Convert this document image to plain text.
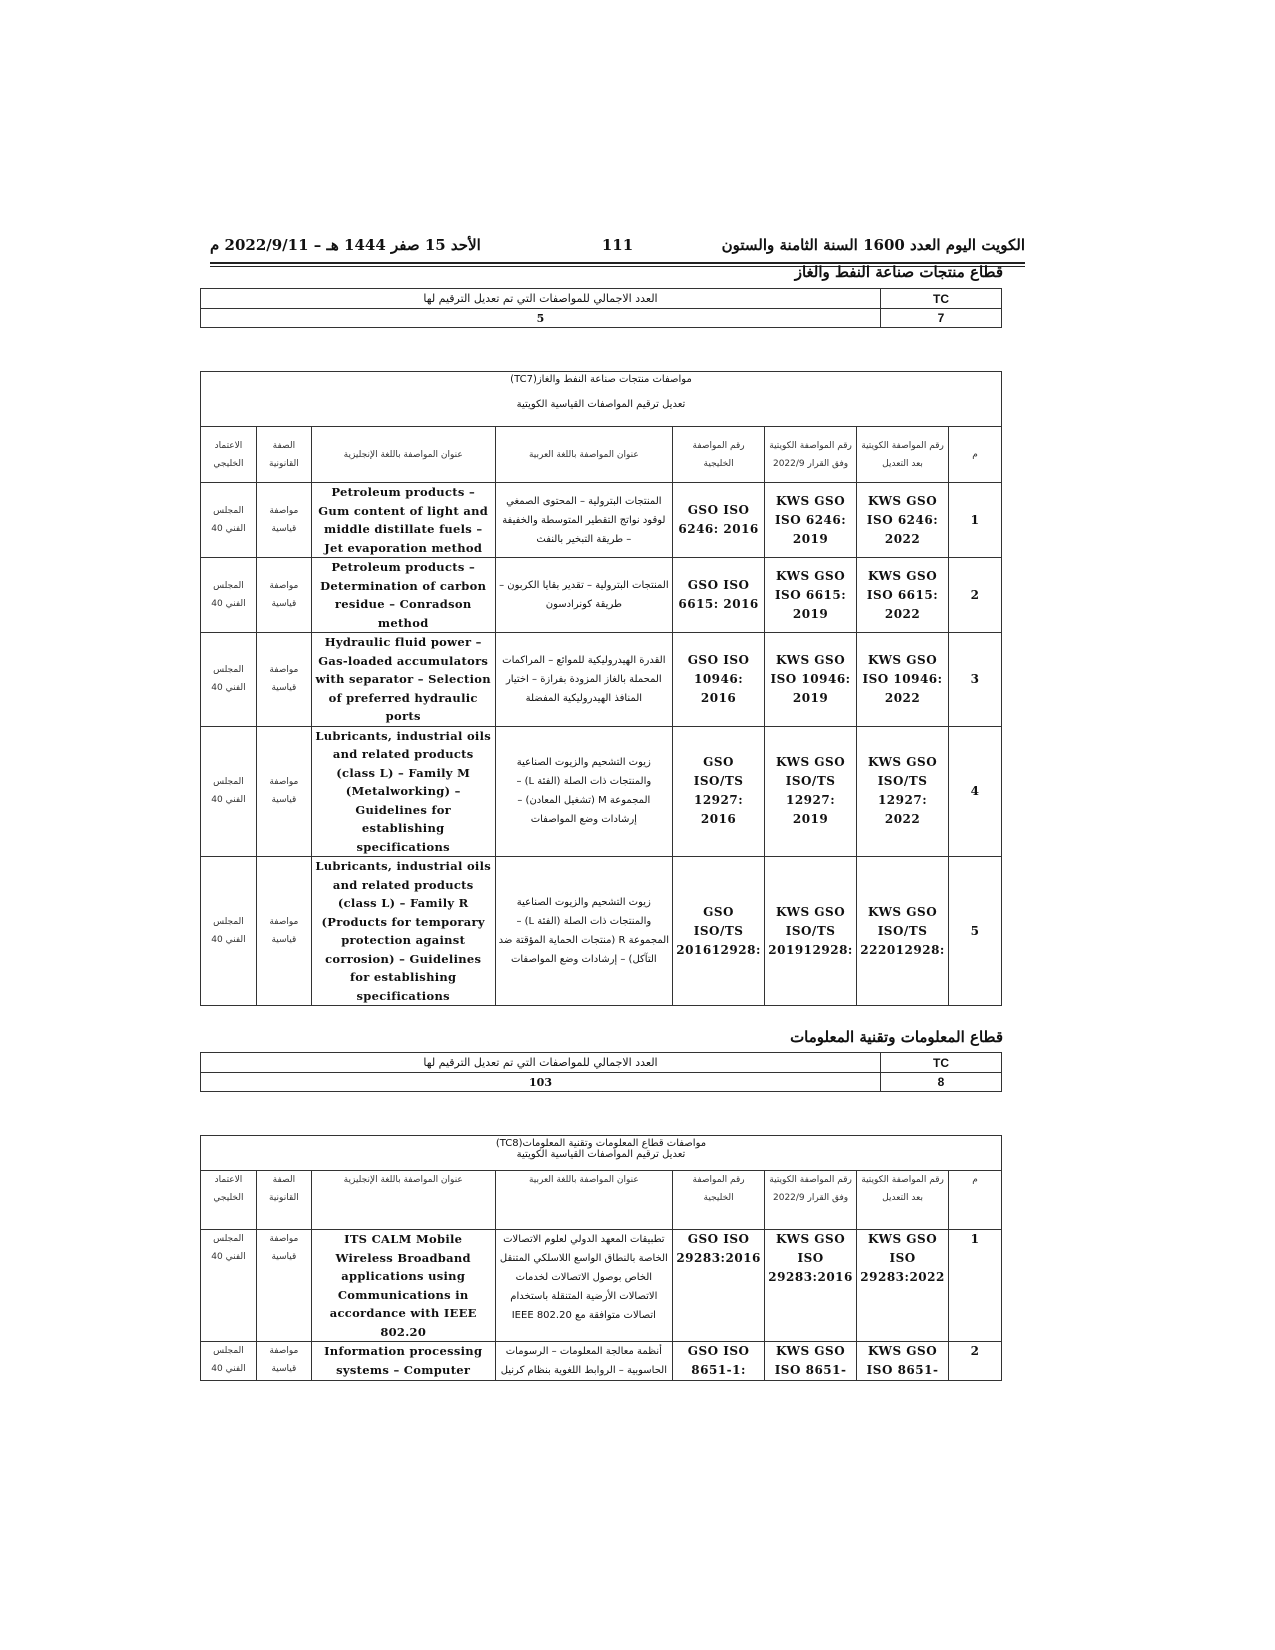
الكويت اليوم العدد 1600 السنة الثامنة والستون
111
الأحد 15 صفر 1444 هـ – 2022/9/11 م
قطاع منتجات صناعة النفط والغاز
العدد الاجمالي للمواصفات التي تم تعديل الترقيم لها	TC
5	7
مواصفات منتجات صناعة النفط والغاز(TC7)
تعديل ترقيم المواصفات القياسية الكويتية							

الاعتماد الخليجي	الصفة القانونية	عنوان المواصفة باللغة الإنجليزية	عنوان المواصفة باللغة العربية	رقم المواصفة الخليجية	رقم المواصفة الكويتية وفق القرار 2022/9	رقم المواصفة الكويتية بعد التعديل	م
المجلس الفني 40	مواصفة قياسية	Petroleum products – Gum content of light and middle distillate fuels – Jet evaporation method	المنتجات البترولية – المحتوى الصمغي لوقود نواتج التقطير المتوسطة والخفيفة – طريقة التبخير بالنفث	GSO ISO 6246: 2016	KWS GSO ISO 6246: 2019	KWS GSO ISO 6246: 2022	1
المجلس الفني 40	مواصفة قياسية	Petroleum products – Determination of carbon residue – Conradson method	المنتجات البترولية – تقدير بقايا الكربون – طريقة كونرادسون	GSO ISO 6615: 2016	KWS GSO ISO 6615: 2019	KWS GSO ISO 6615: 2022	2
المجلس الفني 40	مواصفة قياسية	Hydraulic fluid power – Gas-loaded accumulators with separator – Selection of preferred hydraulic ports	القدرة الهيدروليكية للموائع – المراكمات المحملة بالغاز المزودة بفرازة – اختيار المنافذ الهيدروليكية المفضلة	GSO ISO 10946: 2016	KWS GSO ISO 10946: 2019	KWS GSO ISO 10946: 2022	3
المجلس الفني 40	مواصفة قياسية	Lubricants, industrial oils and related products (class L) – Family M (Metalworking) – Guidelines for establishing specifications	زيوت التشحيم والزيوت الصناعية والمنتجات ذات الصلة (الفئة L) – المجموعة M (تشغيل المعادن) – إرشادات وضع المواصفات	GSO ISO/TS 12927: 2016	KWS GSO ISO/TS 12927: 2019	KWS GSO ISO/TS 12927: 2022	4
المجلس الفني 40	مواصفة قياسية	Lubricants, industrial oils and related products (class L) – Family R (Products for temporary protection against corrosion) – Guidelines for establishing specifications	زيوت التشحيم والزيوت الصناعية والمنتجات ذات الصلة (الفئة L) – المجموعة R (منتجات الحماية المؤقتة ضد التآكل) – إرشادات وضع المواصفات	GSO ISO/TS 201612928:	KWS GSO ISO/TS 201912928:	KWS GSO ISO/TS 222012928:	5
قطاع المعلومات وتقنية المعلومات
العدد الاجمالي للمواصفات التي تم تعديل الترقيم لها	TC
103	8
مواصفات قطاع المعلومات وتقنية المعلومات(TC8)
تعديل ترقيم المواصفات القياسية الكويتية							

الاعتماد الخليجي	الصفة القانونية	عنوان المواصفة باللغة الإنجليزية	عنوان المواصفة باللغة العربية	رقم المواصفة الخليجية	رقم المواصفة الكويتية وفق القرار 2022/9	رقم المواصفة الكويتية بعد التعديل	م
المجلس الفني 40	مواصفة قياسية	ITS CALM Mobile Wireless Broadband applications using Communications in accordance with IEEE 802.20	تطبيقات المعهد الدولي لعلوم الاتصالات الخاصة بالنطاق الواسع اللاسلكي المتنقل الخاص بوصول الاتصالات لخدمات الاتصالات الأرضية المتنقلة باستخدام اتصالات متوافقة مع IEEE 802.20	GSO ISO 29283:2016	KWS GSO ISO 29283:2016	KWS GSO ISO 29283:2022	1
المجلس الفني 40	مواصفة قياسية	Information processing systems – Computer	أنظمة معالجة المعلومات – الرسومات الحاسوبية – الروابط اللغوية بنظام كرنيل	GSO ISO 8651-1:	KWS GSO ISO 8651-	KWS GSO ISO 8651-	2
